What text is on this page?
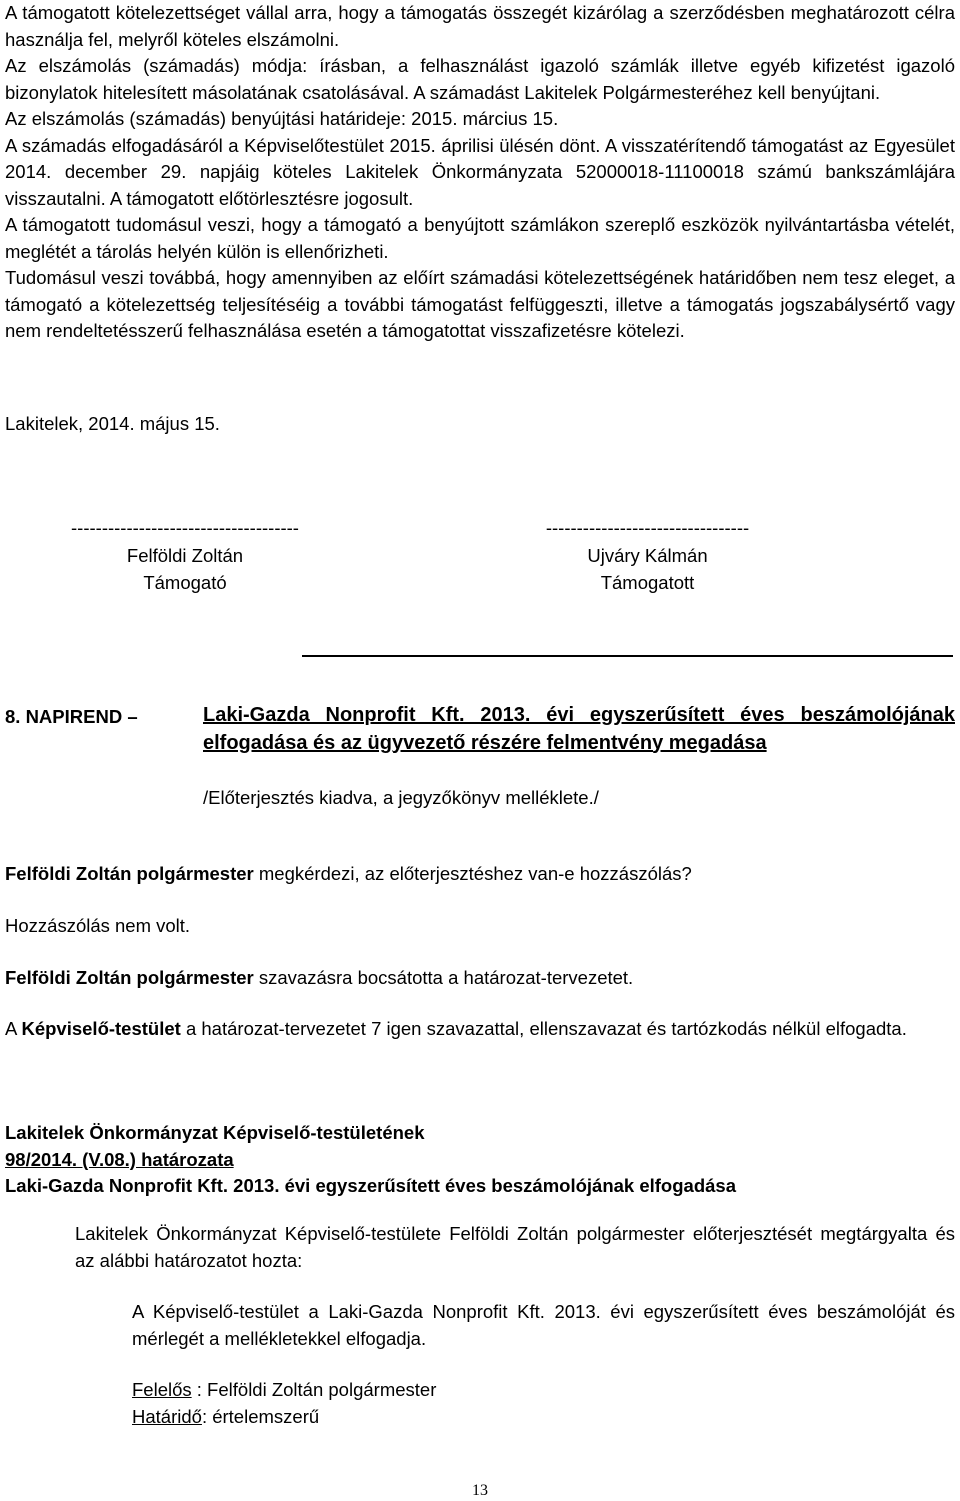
A támogatott kötelezettséget vállal arra, hogy a támogatás összegét kizárólag a szerződésben meghatározott célra használja fel, melyről köteles elszámolni.

Az elszámolás (számadás) módja: írásban, a felhasználást igazoló számlák illetve egyéb kifizetést igazoló bizonylatok hitelesített másolatának csatolásával. A számadást Lakitelek Polgármesteréhez kell benyújtani.

Az elszámolás (számadás) benyújtási határideje: 2015. március 15.

A számadás elfogadásáról a Képviselőtestület 2015. áprilisi ülésén dönt. A visszatérítendő támogatást az Egyesület 2014. december 29. napjáig köteles Lakitelek Önkormányzata 52000018-11100018 számú bankszámlájára visszautalni. A támogatott előtörlesztésre jogosult.

A támogatott tudomásul veszi, hogy a támogató a benyújtott számlákon szereplő eszközök nyilvántartásba vételét, meglétét a tárolás helyén külön is ellenőrizheti.

Tudomásul veszi továbbá, hogy amennyiben az előírt számadási kötelezettségének határidőben nem tesz eleget, a támogató a kötelezettség teljesítéséig a további támogatást felfüggeszti, illetve a támogatás jogszabálysértő vagy nem rendeltetésszerű felhasználása esetén a támogatottat visszafizetésre kötelezi.

Lakitelek, 2014. május 15.

-------------------------------------
Felföldi Zoltán
Támogató
---------------------------------
Ujváry Kálmán
Támogatott
8. NAPIREND –	Laki-Gazda Nonprofit Kft. 2013. évi egyszerűsített éves beszámolójának elfogadása és az ügyvezető részére felmentvény megadása
/Előterjesztés kiadva, a jegyzőkönyv melléklete./

Felföldi Zoltán polgármester megkérdezi, az előterjesztéshez van-e hozzászólás?

Hozzászólás nem volt.

Felföldi Zoltán polgármester szavazásra bocsátotta a határozat-tervezetet.

A Képviselő-testület a határozat-tervezetet 7 igen szavazattal, ellenszavazat és tartózkodás nélkül elfogadta.

Lakitelek Önkormányzat Képviselő-testületének

98/2014. (V.08.) határozata

Laki-Gazda Nonprofit Kft. 2013. évi egyszerűsített éves beszámolójának elfogadása

Lakitelek Önkormányzat Képviselő-testülete Felföldi Zoltán polgármester előterjesztését megtárgyalta és az alábbi határozatot hozta:

A Képviselő-testület a Laki-Gazda Nonprofit Kft. 2013. évi egyszerűsített éves beszámolóját és mérlegét a mellékletekkel elfogadja.

Felelős : Felföldi Zoltán polgármester

Határidő: értelemszerű

13
